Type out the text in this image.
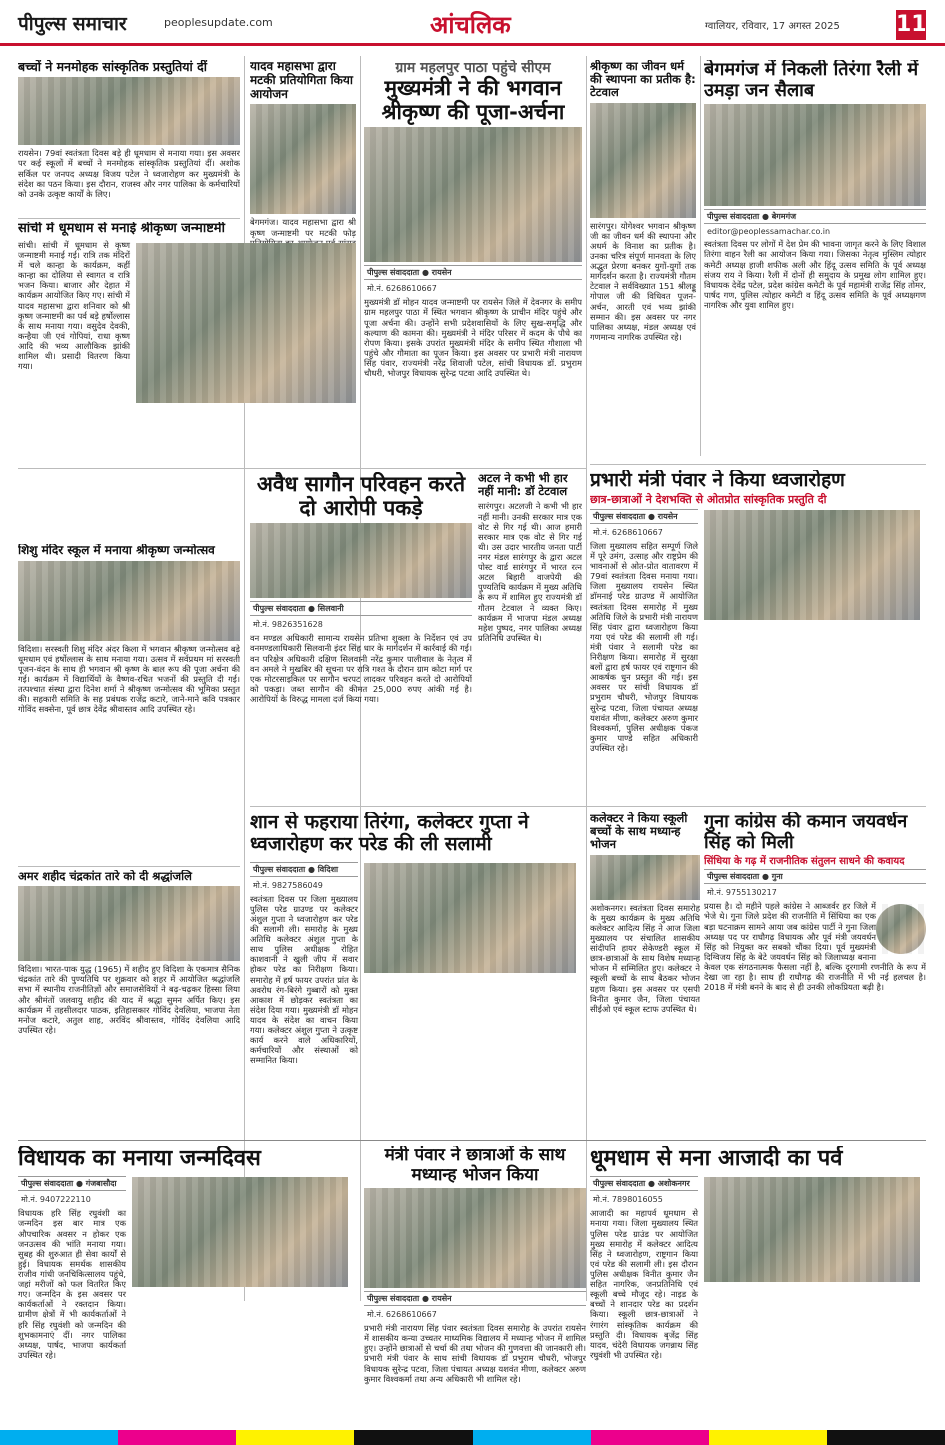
पीपुल्स समाचार	peoplesupdate.com	आंचलिक	ग्वालियर, रविवार, 17 अगस्त 2025	11
बच्चों ने मनमोहक सांस्कृतिक प्रस्तुतियां दीं
रायसेन। 79वां स्वतंत्रता दिवस बड़े ही धूमधाम से मनाया गया। इस अवसर पर कई स्कूलों में बच्चों ने मनमोहक सांस्कृतिक प्रस्तुतियां दीं। अशोक सर्किल पर जनपद अध्यक्ष विजय पटेल ने ध्वजारोहण कर मुख्यमंत्री के संदेश का पठन किया। इस दौरान, राजस्व और नगर पालिका के कर्मचारियों को उनके उत्कृष्ट कार्यों के लिए।
यादव महासभा द्वारा मटकी प्रतियोगिता किया आयोजन
बेगमगंज। यादव महासभा द्वारा श्री कृष्ण जन्माष्टमी पर मटकी फोड़
ग्राम महलपुर पाठा पहुंचे सीएम
मुख्यमंत्री ने की भगवान श्रीकृष्ण की पूजा-अर्चना
पीपुल्स संवाददाता ● रायसेन
मो.नं. 6268610667
मुख्यमंत्री डॉ मोहन यादव जन्माष्टमी पर रायसेन जिले में देवनगर के समीप ग्राम महलपुर पाठा में स्थित भगवान श्रीकृष्ण के प्राचीन मंदिर पहुंचे और पूजा अर्चना की। उन्होंने सभी प्रदेशवासियों के लिए सुख-समृद्धि और कल्याण की कामना की। मुख्यमंत्री ने मंदिर परिसर में कदम के पौधे का रोपण किया। इसके उपरांत मुख्यमंत्री मंदिर के समीप स्थित गौशाला भी पहुंचे और गौमाता का पूजन किया। इस अवसर पर प्रभारी मंत्री नारायण सिंह पंवार, राज्यमंत्री नरेंद्र शिवाजी पटेल, सांची विधायक डॉ. प्रभुराम चौधरी, भोजपुर विधायक सुरेन्द्र पटवा आदि उपस्थित थे।
श्रीकृष्ण का जीवन धर्म की स्थापना का प्रतीक है: टेटवाल
सारंगपुर। योगेश्वर भगवान श्रीकृष्ण जी का जीवन धर्म की स्थापना और अधर्म के विनाश का प्रतीक है। उनका चरित्र संपूर्ण मानवता के लिए अद्भुत प्रेरणा बनकर युगों-युगों तक मार्गदर्शन करता है। राज्यमंत्री गौतम टेटवाल ने सर्वविख्यात 151 श्रीलड्डू गोपाल जी की विधिवत पूजन-अर्चन, आरती एवं भव्य झांकी सम्मान की। इस अवसर पर नगर पालिका अध्यक्ष, मंडल अध्यक्ष एवं गणमान्य नागरिक उपस्थित रहे।
बेगमगंज में निकली तिरंगा रैली में उमड़ा जन सैलाब
पीपुल्स संवाददाता ● बेगमगंज
editor@peoplessamachar.co.in
स्वतंत्रता दिवस पर लोगों में देश प्रेम की भावना जागृत करने के लिए विशाल तिरंगा वाहन रैली का आयोजन किया गया। जिसका नेतृत्व मुस्लिम त्योहार कमेटी अध्यक्ष हाजी शफीक अली और हिंदू उत्सव समिति के पूर्व अध्यक्ष संजय राय ने किया। रैली में दोनों ही समुदाय के प्रमुख लोग शामिल हुए। विधायक देवेंद्र पटेल, प्रदेश कांग्रेस कमेटी के पूर्व महामंत्री राजेंद्र सिंह तोमर, पार्षद गण, पुलिस त्योहार कमेटी व हिंदू उत्सव समिति के पूर्व अध्यक्षगण नागरिक और युवा शामिल हुए।
सांची में धूमधाम से मनाई श्रीकृष्ण जन्माष्टमी
सांची। सांची में धूमधाम से कृष्ण जन्माष्टमी मनाई गई। रात्रि तक मंदिरों में चले कान्हा के कार्यक्रम, कहीं कान्हा का दोलिया से स्वागत व रात्रि भजन किया। बाजार और देहात में कार्यक्रम आयोजित किए गए। सांची में यादव महासभा द्वारा शनिवार को श्री कृष्ण जन्माष्टमी का पर्व बड़े हर्षोल्लास के साथ मनाया गया। वसुदेव देवकी, कन्हैया जी एवं गोपियां, राधा कृष्ण आदि की भव्य आलौकिक झांकी शामिल थी। प्रसादी वितरण किया गया।
अवैध सागौन परिवहन करते दो आरोपी पकड़े
पीपुल्स संवाददाता ● सिलवानी
मो.नं. 9826351628
वन मण्डल अधिकारी सामान्य रायसेन प्रतिभा शुक्ला के निर्देशन एवं उप वनमण्डलाधिकारी सिलवानी इंदर सिंह धार के मार्गदर्शन में कार्रवाई की गई। वन परिक्षेत्र अधिकारी दक्षिण सिलवानी नरेंद्र कुमार पालीवाल के नेतृत्व में वन अमले ने मुखबिर की सूचना पर रात्रि गश्त के दौरान ग्राम कोटा मार्ग पर एक मोटरसाइकिल पर सागौन चरपट लादकर परिवहन करते दो आरोपियों को पकड़ा। जब्त सागौन की कीमत 25,000 रुपए आंकी गई है। आरोपियों के विरुद्ध मामला दर्ज किया गया।
अटल ने कभी भी हार नहीं मानी: डॉ टेटवाल
सारंगपुर। अटलजी ने कभी भी हार नहीं मानी। उनकी सरकार मात्र एक वोट से गिर गई थी। आज हमारी सरकार मात्र एक वोट से गिर गई थी। उस उदार भारतीय जनता पार्टी नगर मंडल सारंगपुर के द्वारा अटल पोस्ट वार्ड सारंगपुर में भारत रत्न अटल बिहारी वाजपेयी की पुण्यतिथि कार्यक्रम में मुख्य अतिथि के रूप में शामिल हुए राज्यमंत्री डॉ गौतम टेटवाल ने व्यक्त किए। कार्यक्रम में भाजपा मंडल अध्यक्ष महेश पुष्पद, नगर पालिका अध्यक्ष प्रतिनिधि उपस्थित थे।
शिशु मंदिर स्कूल में मनाया श्रीकृष्ण जन्मोत्सव
विदिशा। सरस्वती शिशु मंदिर अंदर किला में भगवान श्रीकृष्ण जन्मोत्सव बड़े धूमधाम एवं हर्षोल्लास के साथ मनाया गया। उत्सव में सर्वप्रथम मां सरस्वती पूजन-वंदन के साथ ही भगवान श्री कृष्ण के बाल रूप की पूजा अर्चना की गई। कार्यक्रम में विद्यार्थियों के वैष्णव-रचित भजनों की प्रस्तुति दी गई। तत्पश्चात संस्था द्वारा दिनेश शर्मा ने श्रीकृष्ण जन्मोत्सव की भूमिका प्रस्तुत की। सहकारी समिति के सह प्रबंधक राजेंद्र कटारे, जाने-माने कवि पत्रकार गोविंद सक्सेना, पूर्व छात्र देवेंद्र श्रीवास्तव आदि उपस्थित रहे।
प्रभारी मंत्री पंवार ने किया ध्वजारोहण
छात्र-छात्राओं ने देशभक्ति से ओतप्रोत सांस्कृतिक प्रस्तुति दी
पीपुल्स संवाददाता ● रायसेन
मो.नं. 6268610667
जिला मुख्यालय सहित सम्पूर्ण जिले में पूरे उमंग, उत्साह और राष्ट्रप्रेम की भावनाओं से ओत-प्रोत वातावरण में 79वां स्वतंत्रता दिवस मनाया गया। जिला मुख्यालय रायसेन स्थित डॉमनाई परेड ग्राउण्ड में आयोजित स्वतंत्रता दिवस समारोह में मुख्य अतिथि जिले के प्रभारी मंत्री नारायण सिंह पंवार द्वारा ध्वजारोहण किया गया एवं परेड की सलामी ली गई। मंत्री पंवार ने सलामी परेड का निरीक्षण किया। समारोह में सुरक्षा बलों द्वारा हर्ष फायर एवं राष्ट्रगान की आकर्षक धुन प्रस्तुत की गई। इस अवसर पर सांची विधायक डॉ प्रभुराम चौधरी, भोजपुर विधायक सुरेन्द्र पटवा, जिला पंचायत अध्यक्ष यशवंत मीणा, कलेक्टर अरुण कुमार विश्वकर्मा, पुलिस अधीक्षक पंकज कुमार पाण्डे सहित अधिकारी उपस्थित रहे।
शान से फहराया तिरंगा, कलेक्टर गुप्ता ने ध्वजारोहण कर परेड की ली सलामी
पीपुल्स संवाददाता ● विदिशा
मो.नं. 9827586049
स्वतंत्रता दिवस पर जिला मुख्यालय पुलिस परेड ग्राउण्ड पर कलेक्टर अंशुल गुप्ता ने ध्वजारोहण कर परेड की सलामी ली। समारोह के मुख्य अतिथि कलेक्टर अंशुल गुप्ता के साथ पुलिस अधीक्षक रोहित काशवानी ने खुली जीप में सवार होकर परेड का निरीक्षण किया। समारोह में हर्ष फायर उपरांत प्रांत के अवरोध रंग-बिरंगे गुब्बारों को मुक्त आकाश में छोड़कर स्वतंत्रता का संदेश दिया गया। मुख्यमंत्री डॉ मोहन यादव के संदेश का वाचन किया गया। कलेक्टर अंशुल गुप्ता ने उत्कृष्ट कार्य करने वाले अधिकारियों, कर्मचारियों और संस्थाओं को सम्मानित किया।
कलेक्टर ने किया स्कूली बच्चों के साथ मध्यान्ह भोजन
अशोकनगर। स्वतंत्रता दिवस समारोह के मुख्य कार्यक्रम के मुख्य अतिथि कलेक्टर आदित्य सिंह ने आज जिला मुख्यालय पर संचालित शासकीय सांदीपनि हायर सेकेण्डरी स्कूल में छात्र-छात्राओं के साथ विशेष मध्यान्ह भोजन में सम्मिलित हुए। कलेक्टर ने स्कूली बच्चों के साथ बैठकर भोजन ग्रहण किया। इस अवसर पर एसपी विनीत कुमार जैन, जिला पंचायत सीईओ एवं स्कूल स्टाफ उपस्थित थे।
गुना कांग्रेस की कमान जयवर्धन सिंह को मिली
सिंधिया के गढ़ में राजनीतिक संतुलन साधने की कवायद
पीपुल्स संवाददाता ● गुना
मो.नं. 9755130217
प्रयास है। दो महीने पहले कांग्रेस ने आब्जर्वर हर जिले में भेजे थे। गुना जिले प्रदेश की राजनीति में सिंधिया का एक बड़ा घटनाक्रम सामने आया जब कांग्रेस पार्टी ने गुना जिला अध्यक्ष पद पर राघौगढ़ विधायक और पूर्व मंत्री जयवर्धन सिंह को नियुक्त कर सबको चौंका दिया। पूर्व मुख्यमंत्री दिग्विजय सिंह के बेटे जयवर्धन सिंह को जिलाध्यक्ष बनाना केवल एक संगठनात्मक फैसला नहीं है, बल्कि दूरगामी रणनीति के रूप में देखा जा रहा है। साथ ही राघौगढ़ की राजनीति में भी नई हलचल है। 2018 में मंत्री बनने के बाद से ही उनकी लोकप्रियता बढ़ी है।
अमर शहीद चंद्रकांत तारे को दी श्रद्धांजलि
विदिशा। भारत-पाक युद्ध (1965) में शहीद हुए विदिशा के एकमात्र सैनिक चंद्रकांत तारे की पुण्यतिथि पर शुक्रवार को शहर में आयोजित श्रद्धांजलि सभा में स्थानीय राजनीतिज्ञों और समाजसेवियों ने बढ़-चढ़कर हिस्सा लिया और श्रीमंतों जलवायु शहीद की याद में श्रद्धा सुमन अर्पित किए। इस कार्यक्रम में तहसीलदार पाठक, इतिहासकार गोविंद देवलिया, भाजपा नेता मनोज कटारे, अतुल शाह, अरविंद श्रीवास्तव, गोविंद देवलिया आदि उपस्थित रहे।
विधायक का मनाया जन्मदिवस
पीपुल्स संवाददाता ● गंजबासौदा
मो.नं. 9407222110
विधायक हरि सिंह रघुवंशी का जन्मदिन इस बार मात्र एक औपचारिक अवसर न होकर एक जनउत्सव की भांति मनाया गया। सुबह की शुरुआत ही सेवा कार्यों से हुई। विधायक समर्थक शासकीय राजीव गांधी जनचिकित्सालय पहुंचे, जहां मरीजों को फल वितरित किए गए। जन्मदिन के इस अवसर पर कार्यकर्ताओं ने रक्तदान किया। ग्रामीण क्षेत्रों में भी कार्यकर्ताओं ने हरि सिंह रघुवंशी को जन्मदिन की शुभकामनाएं दीं। नगर पालिका अध्यक्ष, पार्षद, भाजपा कार्यकर्ता उपस्थित रहे।
मंत्री पंवार ने छात्राओं के साथ मध्यान्ह भोजन किया
पीपुल्स संवाददाता ● रायसेन
मो.नं. 6268610667
प्रभारी मंत्री नारायण सिंह पंवार स्वतंत्रता दिवस समारोह के उपरांत रायसेन में शासकीय कन्या उच्चतर माध्यमिक विद्यालय में मध्यान्ह भोजन में शामिल हुए। उन्होंने छात्राओं से चर्चा की तथा भोजन की गुणवत्ता की जानकारी ली। प्रभारी मंत्री पंवार के साथ सांची विधायक डॉ प्रभुराम चौधरी, भोजपुर विधायक सुरेन्द्र पटवा, जिला पंचायत अध्यक्ष यशवंत मीणा, कलेक्टर अरुण कुमार विश्वकर्मा तथा अन्य अधिकारी भी शामिल रहे।
धूमधाम से मना आजादी का पर्व
पीपुल्स संवाददाता ● अशोकनगर
मो.नं. 7898016055
आजादी का महापर्व धूमधाम से मनाया गया। जिला मुख्यालय स्थित पुलिस परेड ग्राउंड पर आयोजित मुख्य समारोह में कलेक्टर आदित्य सिंह ने ध्वजारोहण, राष्ट्रगान किया एवं परेड की सलामी ली। इस दौरान पुलिस अधीक्षक विनीत कुमार जैन सहित नागरिक, जनप्रतिनिधि एवं स्कूली बच्चे मौजूद रहे। नाइड के बच्चों ने शानदार परेड का प्रदर्शन किया। स्कूली छात्र-छात्राओं ने रंगारंग सांस्कृतिक कार्यक्रम की प्रस्तुति दी। विधायक बृजेंद्र सिंह यादव, चंदेरी विधायक जगन्नाथ सिंह रघुवंशी भी उपस्थित रहे।
